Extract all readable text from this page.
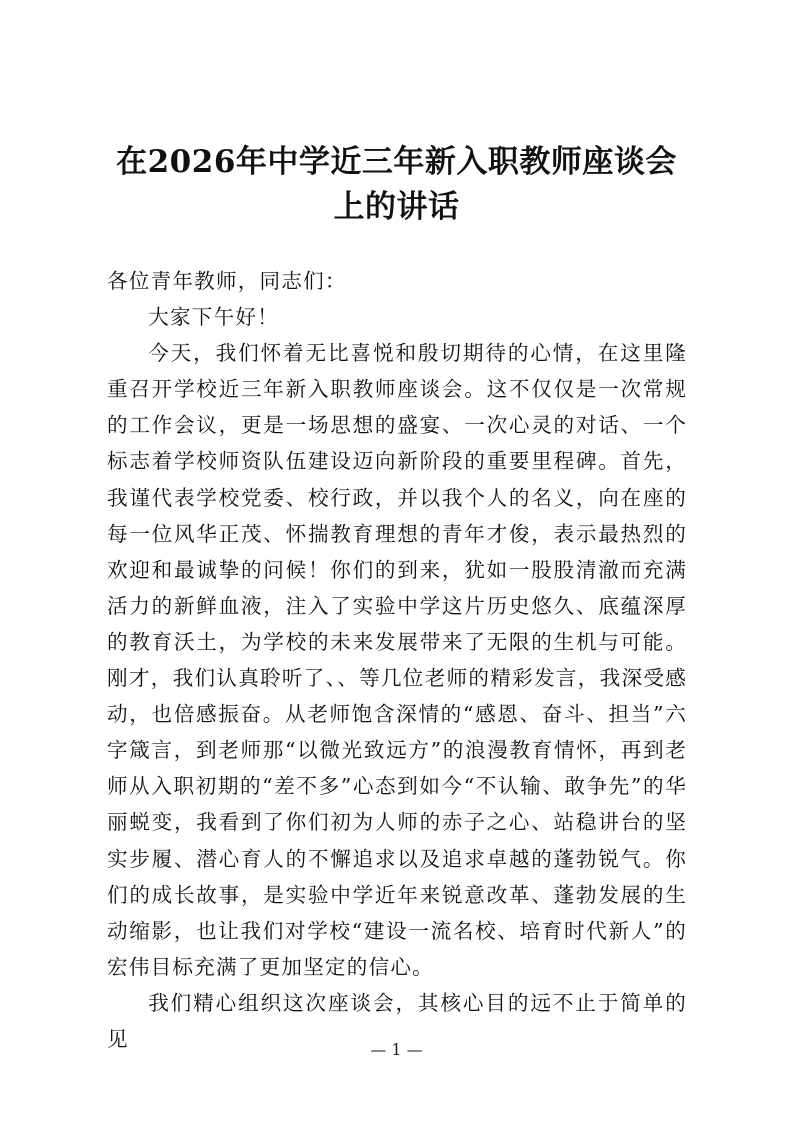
在2026年中学近三年新入职教师座谈会
上的讲话

各位青年教师，同志们：

大家下午好！

今天，我们怀着无比喜悦和殷切期待的心情，在这里隆重召开学校近三年新入职教师座谈会。这不仅仅是一次常规的工作会议，更是一场思想的盛宴、一次心灵的对话、一个标志着学校师资队伍建设迈向新阶段的重要里程碑。首先，我谨代表学校党委、校行政，并以我个人的名义，向在座的每一位风华正茂、怀揣教育理想的青年才俊，表示最热烈的欢迎和最诚挚的问候！你们的到来，犹如一股股清澈而充满活力的新鲜血液，注入了实验中学这片历史悠久、底蕴深厚的教育沃土，为学校的未来发展带来了无限的生机与可能。刚才，我们认真聆听了、、等几位老师的精彩发言，我深受感动，也倍感振奋。从老师饱含深情的“感恩、奋斗、担当”六字箴言，到老师那“以微光致远方”的浪漫教育情怀，再到老师从入职初期的“差不多”心态到如今“不认输、敢争先”的华丽蜕变，我看到了你们初为人师的赤子之心、站稳讲台的坚实步履、潜心育人的不懈追求以及追求卓越的蓬勃锐气。你们的成长故事，是实验中学近年来锐意改革、蓬勃发展的生动缩影，也让我们对学校“建设一流名校、培育时代新人”的宏伟目标充满了更加坚定的信心。

我们精心组织这次座谈会，其核心目的远不止于简单的见	— 1 —
